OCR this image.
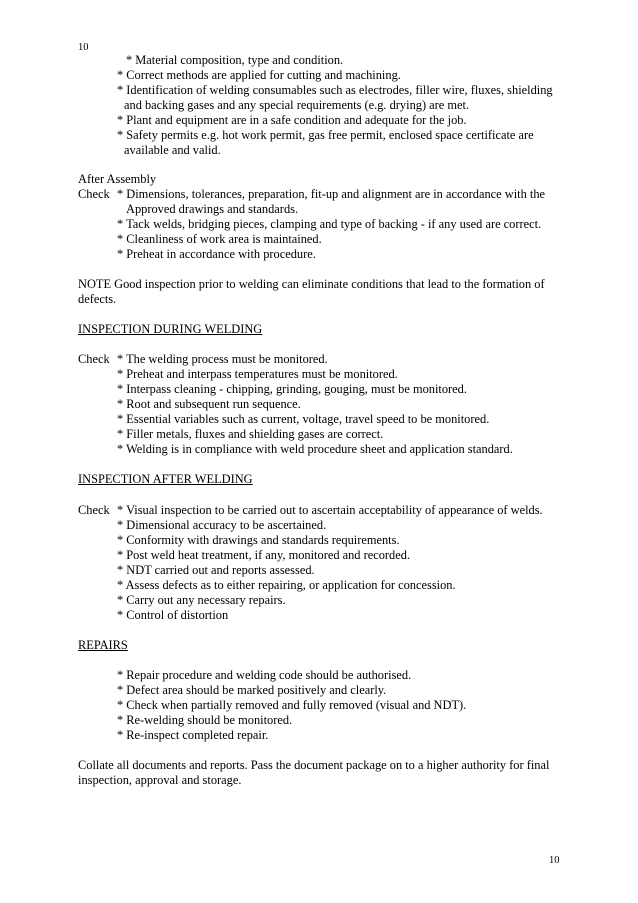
10

* Material composition, type and condition.

* Correct methods are applied for cutting and machining.

* Identification of welding consumables such as electrodes, filler wire, fluxes, shielding

and backing gases and any special requirements (e.g. drying) are met.

* Plant and equipment are in a safe condition and adequate for the job.

* Safety permits e.g. hot work permit, gas free permit, enclosed space certificate are

available and valid.

After Assembly

Check * Dimensions, tolerances, preparation, fit-up and alignment are in accordance with the

Approved drawings and standards.

* Tack welds, bridging pieces, clamping and type of backing - if any used are correct.

* Cleanliness of work area is maintained.

* Preheat in accordance with procedure.

NOTE Good inspection prior to welding can eliminate conditions that lead to the formation of

defects.

INSPECTION DURING WELDING

Check * The welding process must be monitored.

* Preheat and interpass temperatures must be monitored.

* Interpass cleaning - chipping, grinding, gouging, must be monitored.

* Root and subsequent run sequence.

* Essential variables such as current, voltage, travel speed to be monitored.

* Filler metals, fluxes and shielding gases are correct.

* Welding is in compliance with weld procedure sheet and application standard.

INSPECTION AFTER WELDING

Check * Visual inspection to be carried out to ascertain acceptability of appearance of welds.

* Dimensional accuracy to be ascertained.

* Conformity with drawings and standards requirements.

* Post weld heat treatment, if any, monitored and recorded.

* NDT carried out and reports assessed.

* Assess defects as to either repairing, or application for concession.

* Carry out any necessary repairs.

* Control of distortion

REPAIRS

* Repair procedure and welding code should be authorised.

* Defect area should be marked positively and clearly.

* Check when partially removed and fully removed (visual and NDT).

* Re-welding should be monitored.

* Re-inspect completed repair.

Collate all documents and reports. Pass the document package on to a higher authority for final

inspection, approval and storage.

10
